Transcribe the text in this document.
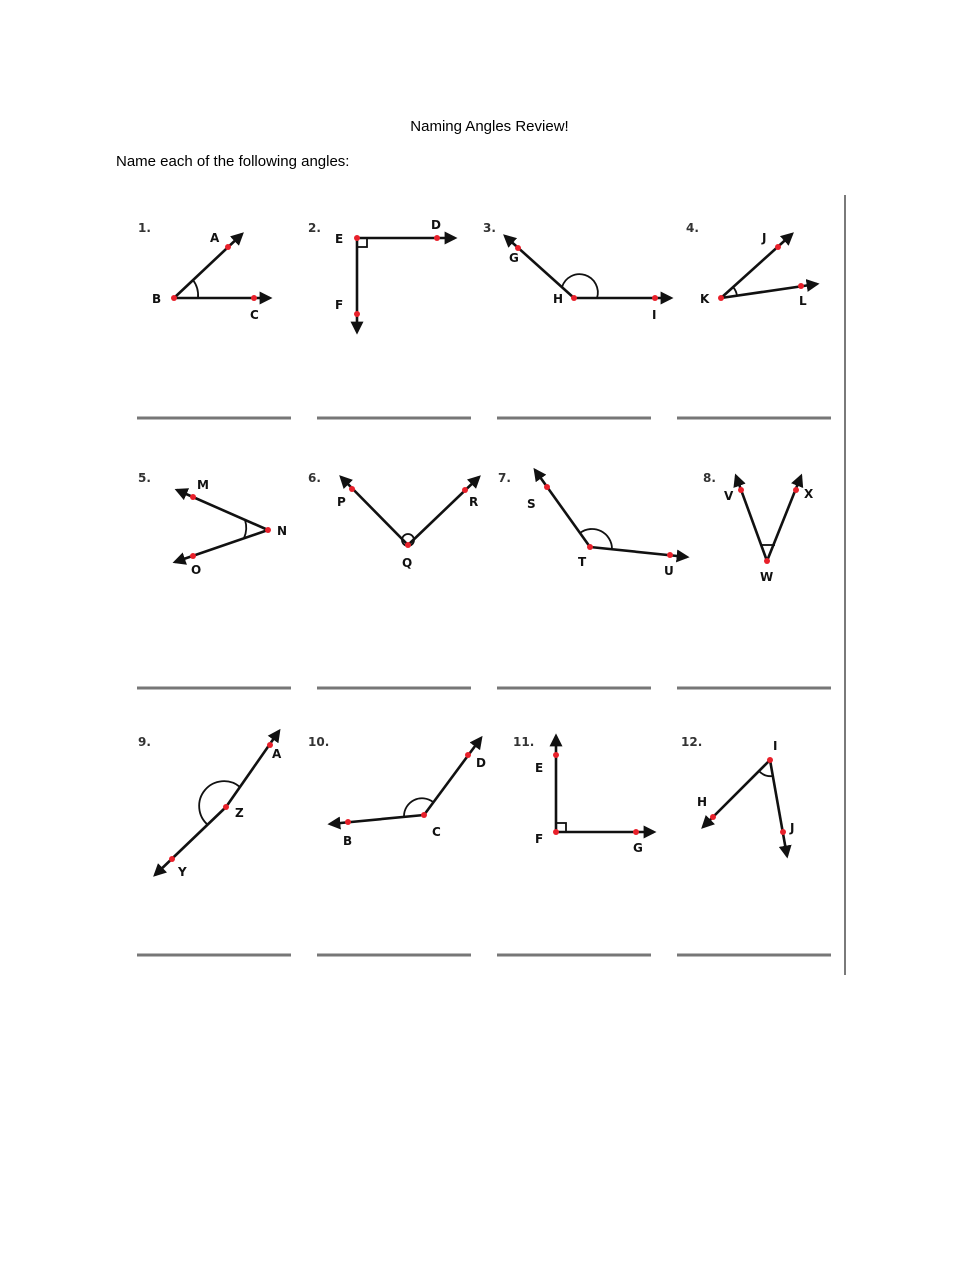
Naming Angles Review!
Name each of the following angles:
1.
A
B
C
2.
E
D
F
3.
G
H
I
4.
J
K	L
5.	M
N
O
6.
P
Q
R
7.
S
T
U
8.
V	X
W
9.
A
Z
Y
10.
D
B
C
11.
E
F
G
12.	I
H
J
